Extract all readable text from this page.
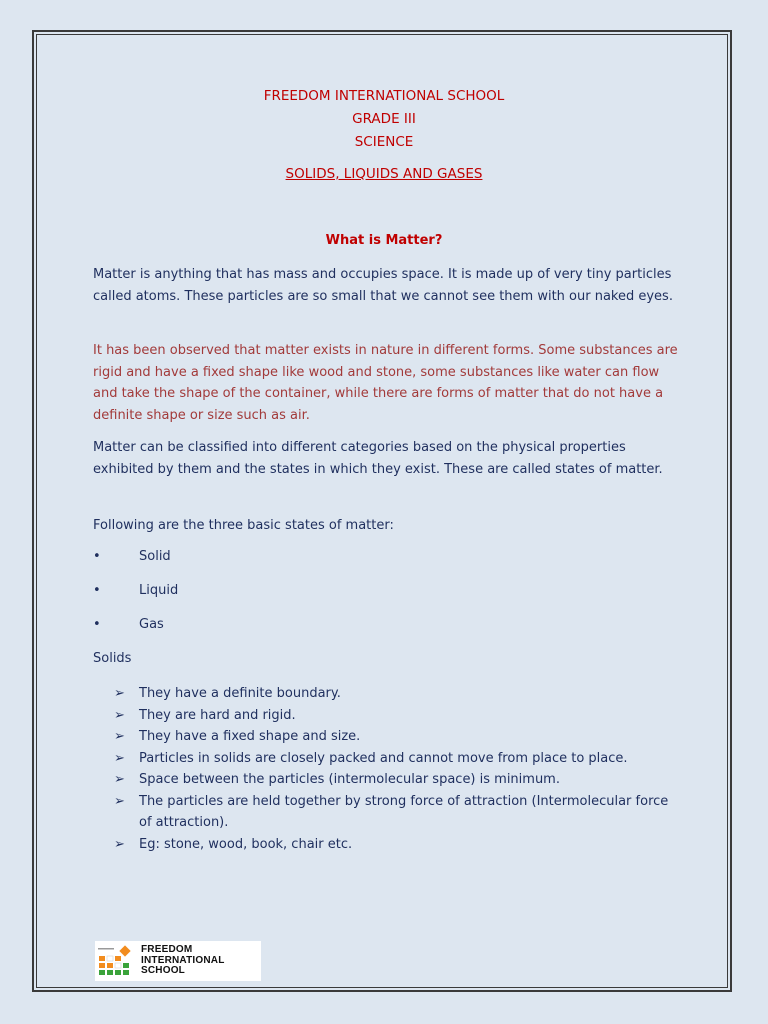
FREEDOM INTERNATIONAL SCHOOL
GRADE III
SCIENCE
SOLIDS, LIQUIDS AND GASES
What is Matter?
Matter is anything that has mass and occupies space. It is made up of very tiny particles called atoms. These particles are so small that we cannot see them with our naked eyes.
It has been observed that matter exists in nature in different forms. Some substances are rigid and have a fixed shape like wood and stone, some substances like water can flow and take the shape of the container, while there are forms of matter that do not have a definite shape or size such as air.
Matter can be classified into different categories based on the physical properties exhibited by them and the states in which they exist. These are called states of matter.
Following are the three basic states of matter:
•	Solid
•	Liquid
•	Gas
Solids
➢ They have a definite boundary.
➢ They are hard and rigid.
➢ They have a fixed shape and size.
➢ Particles in solids are closely packed and cannot move from place to place.
➢ Space between the particles (intermolecular space) is minimum.
➢ The particles are held together by strong force of attraction (Intermolecular force of attraction).
➢ Eg: stone, wood, book, chair etc.
FREEDOM
INTERNATIONAL
SCHOOL
